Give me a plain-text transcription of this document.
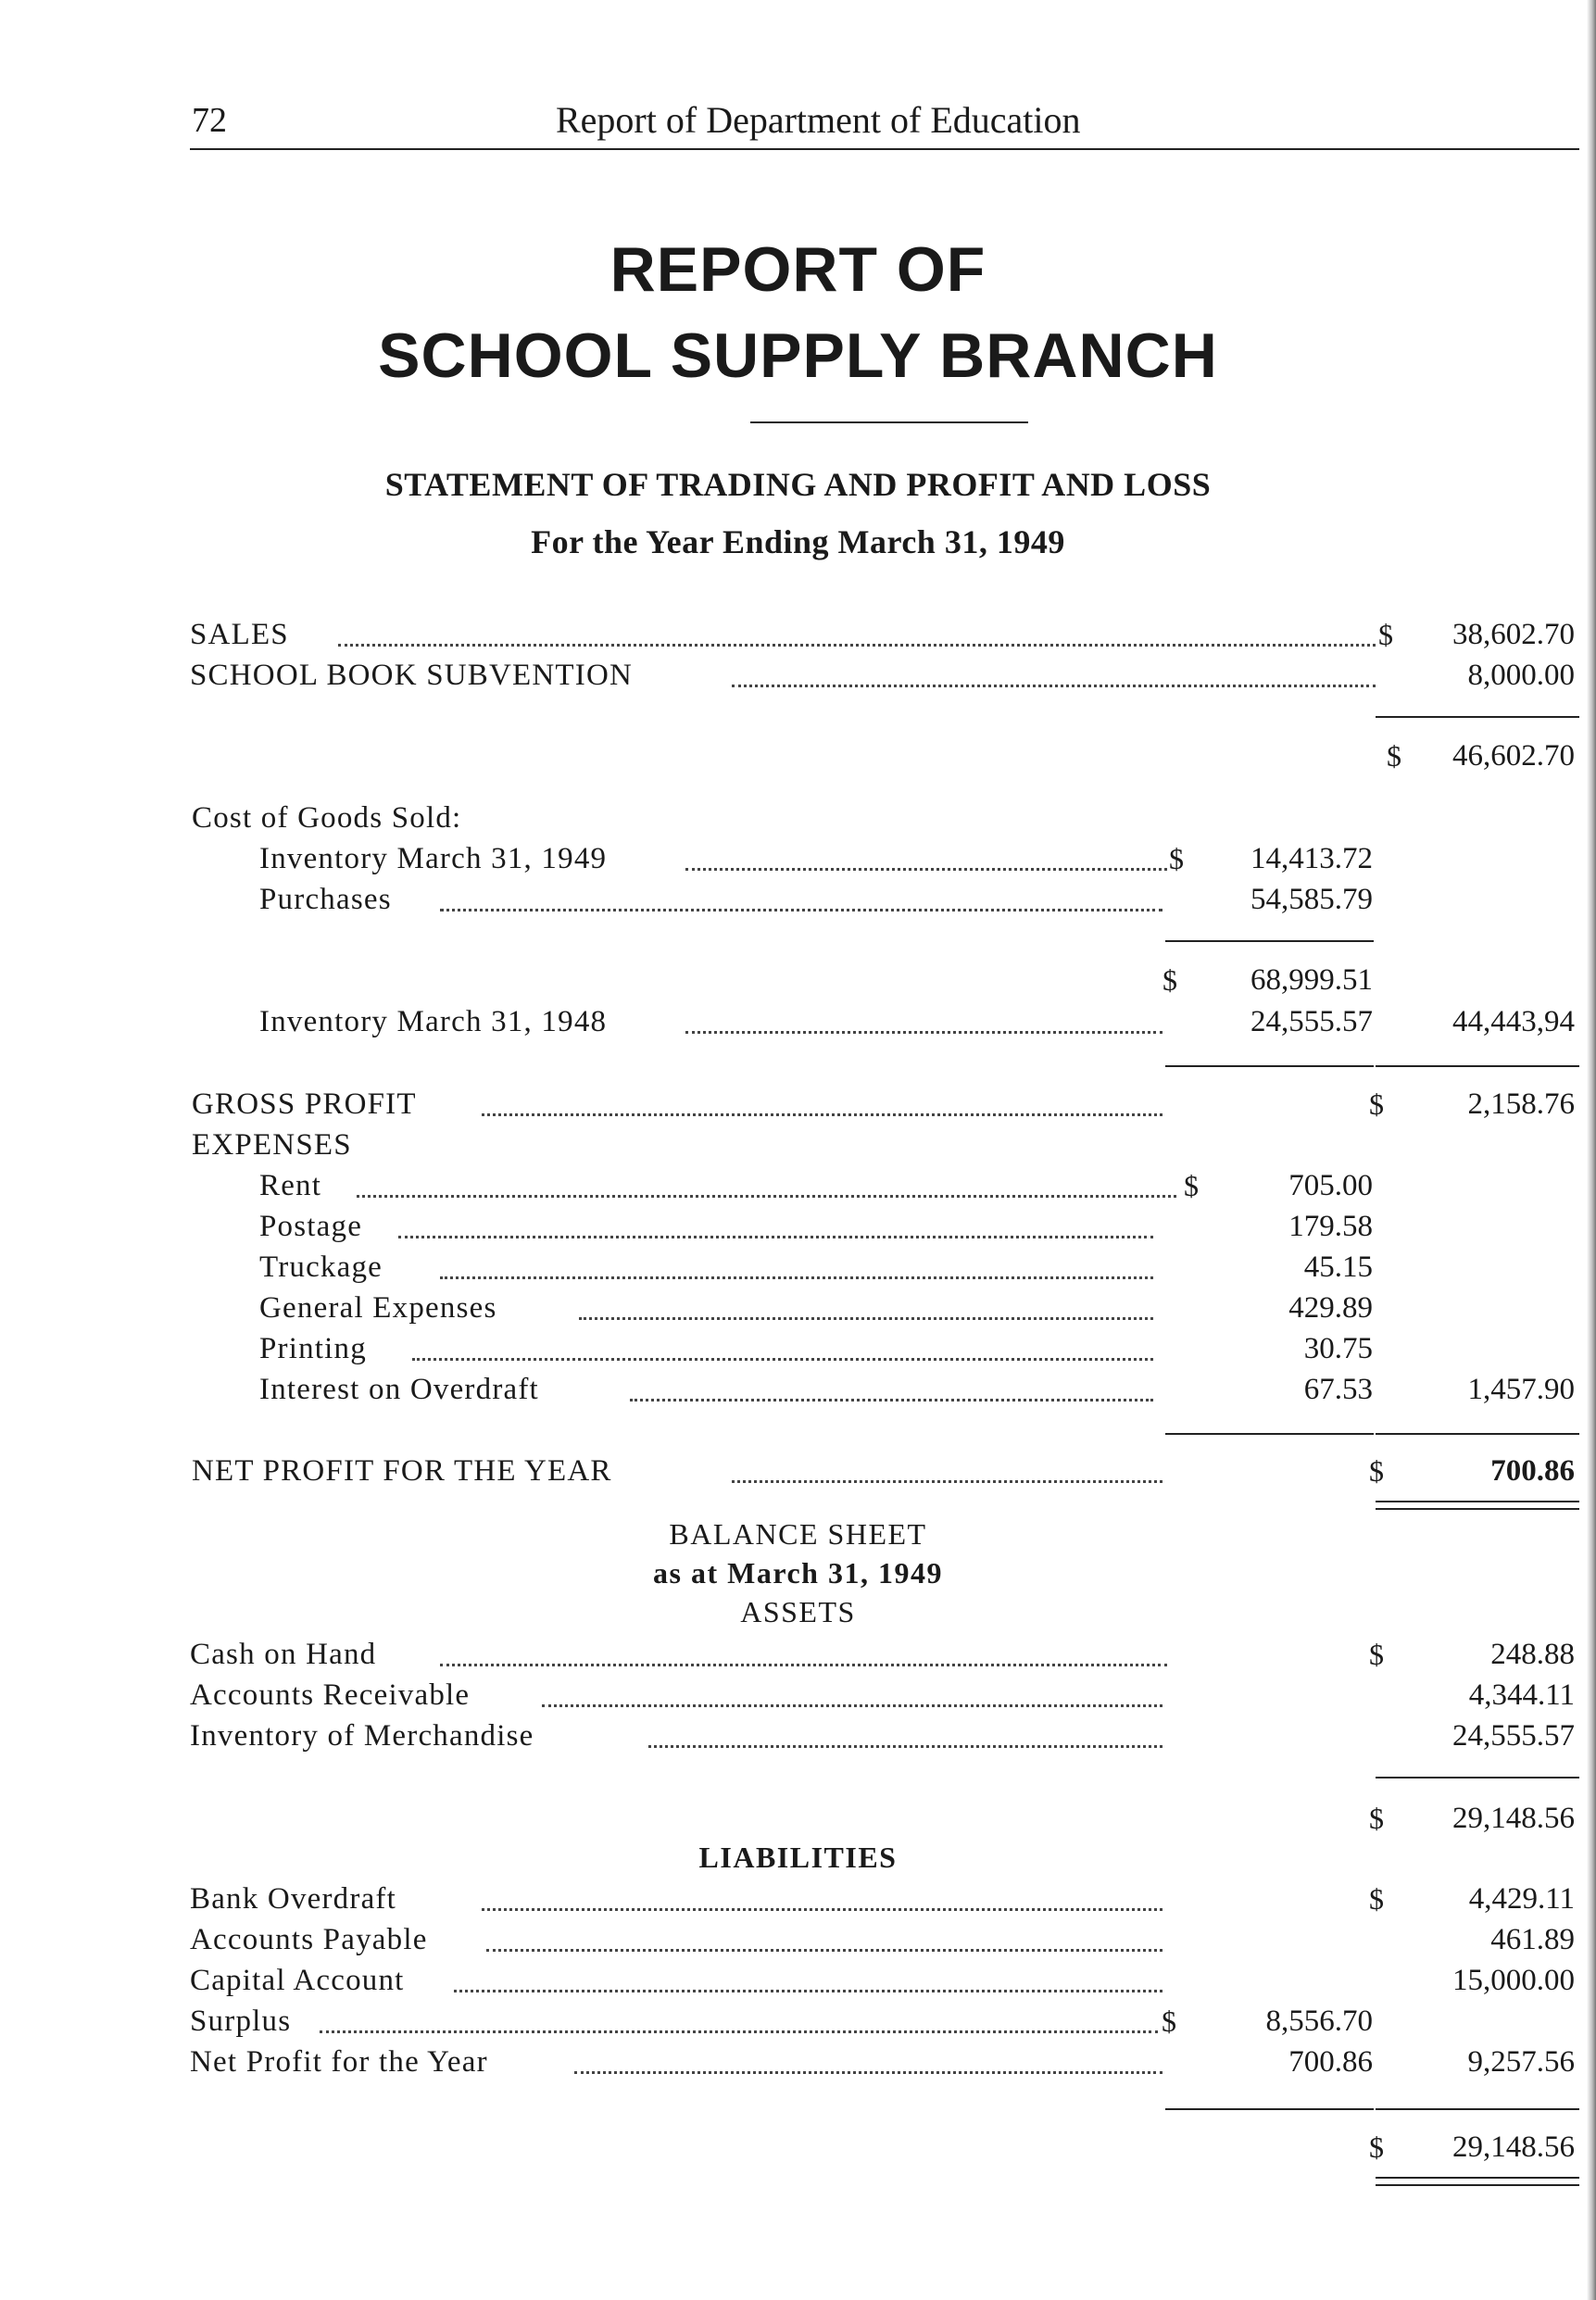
72	Report of Department of Education
REPORT OF
SCHOOL SUPPLY BRANCH
STATEMENT OF TRADING AND PROFIT AND LOSS
For the Year Ending March 31, 1949
SALES	$	38,602.70
SCHOOL BOOK SUBVENTION	8,000.00
$	46,602.70
Cost of Goods Sold:
Inventory March 31, 1949	$	14,413.72
Purchases	54,585.79
$	68,999.51
Inventory March 31, 1948	24,555.57	44,443,94
GROSS PROFIT	$	2,158.76
EXPENSES
Rent	$	705.00
Postage	179.58
Truckage	45.15
General Expenses	429.89
Printing	30.75
Interest on Overdraft	67.53	1,457.90
NET PROFIT FOR THE YEAR	$	700.86
BALANCE SHEET
as at March 31, 1949
ASSETS
Cash on Hand	$	248.88
Accounts Receivable	4,344.11
Inventory of Merchandise	24,555.57
$	29,148.56
LIABILITIES
Bank Overdraft	$	4,429.11
Accounts Payable	461.89
Capital Account	15,000.00
Surplus	$	8,556.70
Net Profit for the Year	700.86	9,257.56
$	29,148.56
